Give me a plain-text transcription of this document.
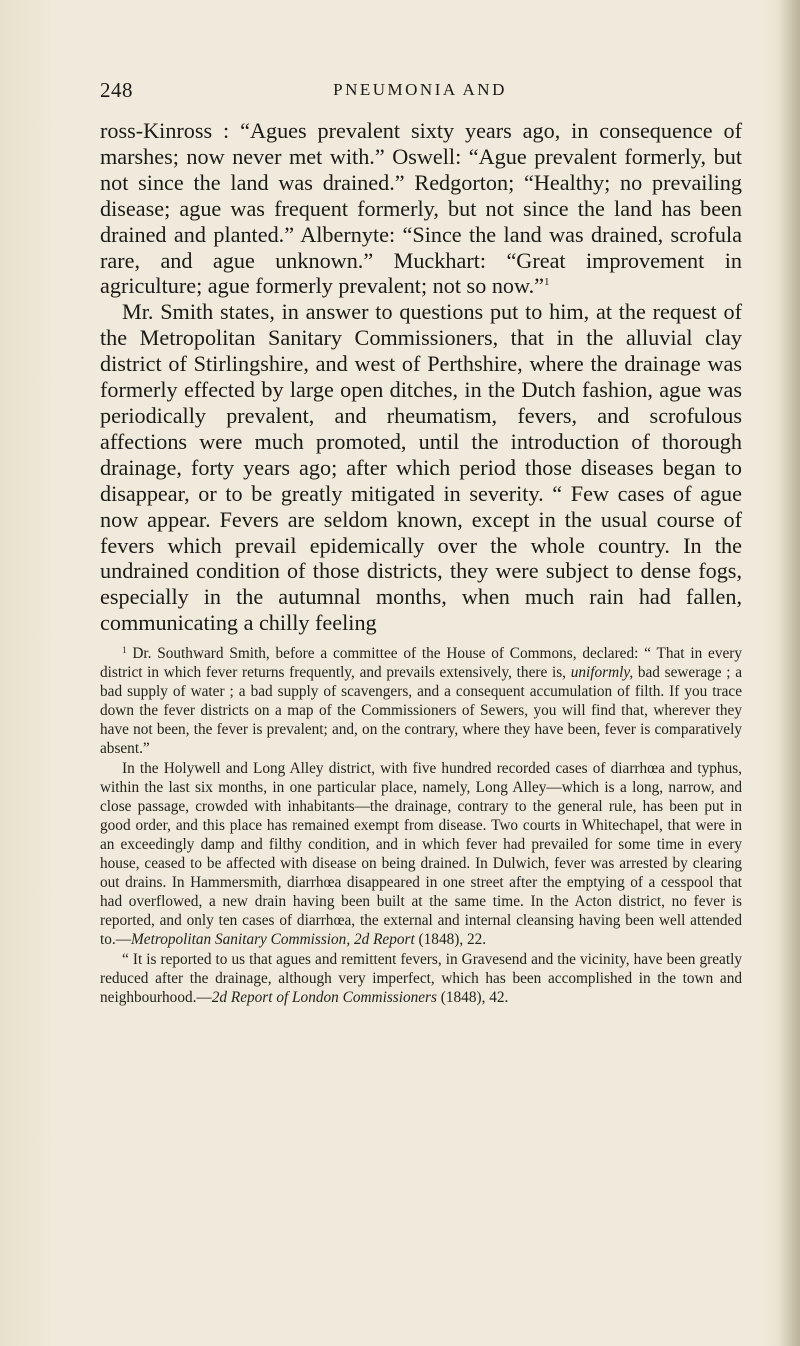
248	PNEUMONIA AND

ross-Kinross : “Agues prevalent sixty years ago, in consequence of marshes; now never met with.” Oswell: “Ague prevalent formerly, but not since the land was drained.” Redgorton; “Healthy; no prevailing disease; ague was frequent formerly, but not since the land has been drained and planted.” Albernyte: “Since the land was drained, scrofula rare, and ague unknown.” Muckhart: “Great improvement in agriculture; ague formerly prevalent; not so now.”$^1$

Mr. Smith states, in answer to questions put to him, at the request of the Metropolitan Sanitary Commissioners, that in the alluvial clay district of Stirlingshire, and west of Perthshire, where the drainage was formerly effected by large open ditches, in the Dutch fashion, ague was periodically prevalent, and rheumatism, fevers, and scrofulous affections were much promoted, until the introduction of thorough drainage, forty years ago; after which period those diseases began to disappear, or to be greatly mitigated in severity. “ Few cases of ague now appear. Fevers are seldom known, except in the usual course of fevers which prevail epidemically over the whole country. In the undrained condition of those districts, they were subject to dense fogs, especially in the autumnal months, when much rain had fallen, communicating a chilly feeling

$^1$ Dr. Southward Smith, before a committee of the House of Commons, declared: “ That in every district in which fever returns frequently, and prevails extensively, there is, uniformly, bad sewerage ; a bad supply of water ; a bad supply of scavengers, and a consequent accumulation of filth. If you trace down the fever districts on a map of the Commissioners of Sewers, you will find that, wherever they have not been, the fever is prevalent; and, on the contrary, where they have been, fever is comparatively absent.”

In the Holywell and Long Alley district, with five hundred recorded cases of diarrhœa and typhus, within the last six months, in one particular place, namely, Long Alley—which is a long, narrow, and close passage, crowded with inhabitants—the drainage, contrary to the general rule, has been put in good order, and this place has remained exempt from disease. Two courts in Whitechapel, that were in an exceedingly damp and filthy condition, and in which fever had prevailed for some time in every house, ceased to be affected with disease on being drained. In Dulwich, fever was arrested by clearing out drains. In Hammersmith, diarrhœa disappeared in one street after the emptying of a cesspool that had overflowed, a new drain having been built at the same time. In the Acton district, no fever is reported, and only ten cases of diarrhœa, the external and internal cleansing having been well attended to.—Metropolitan Sanitary Commission, 2d Report (1848), 22.

“ It is reported to us that agues and remittent fevers, in Gravesend and the vicinity, have been greatly reduced after the drainage, although very imperfect, which has been accomplished in the town and neighbourhood.—2d Report of London Commissioners (1848), 42.
